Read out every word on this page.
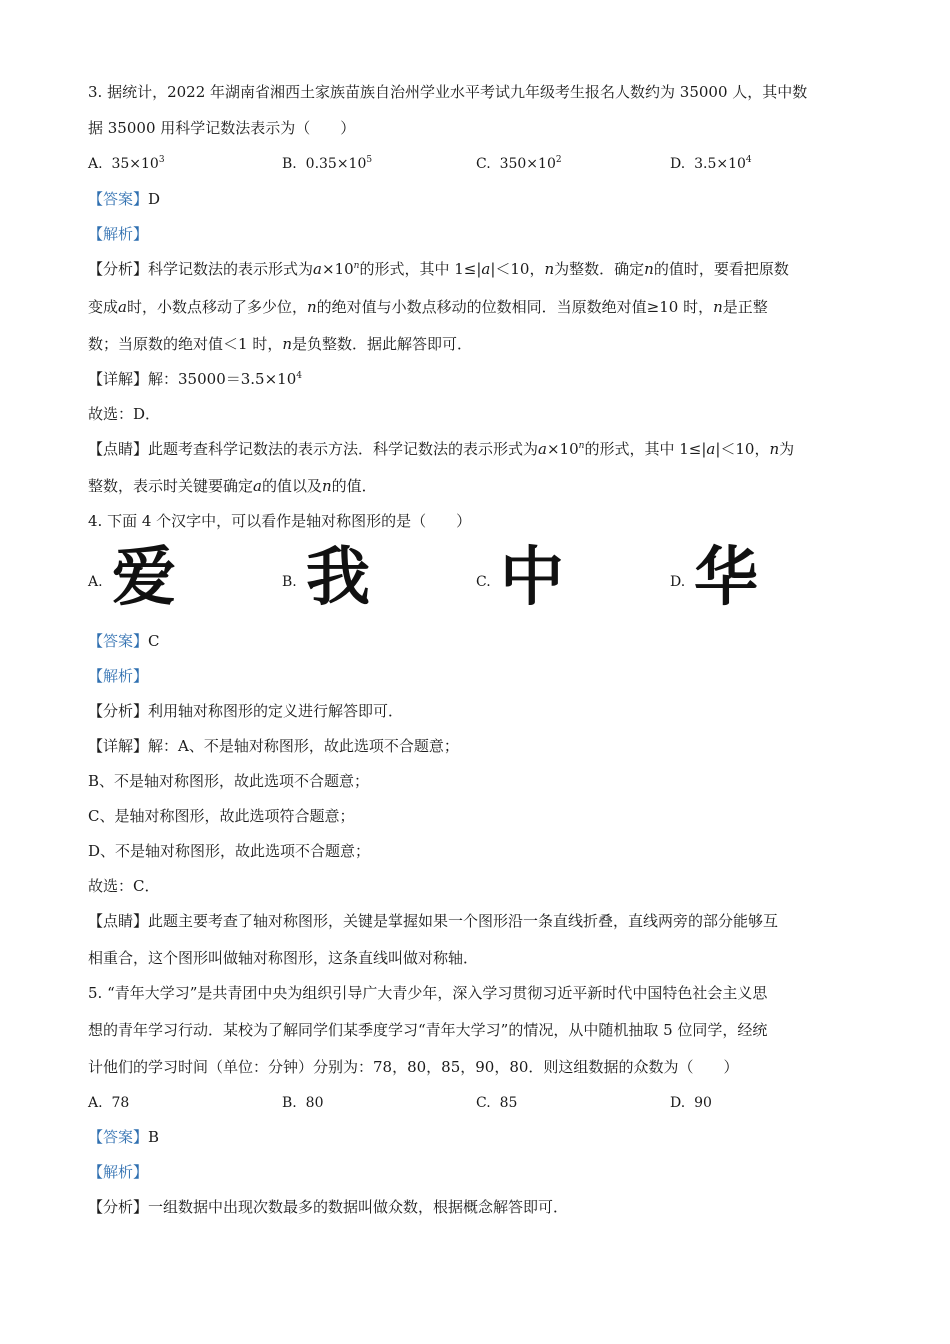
3. 据统计，2022 年湖南省湘西土家族苗族自治州学业水平考试九年级考生报名人数约为 35000 人，其中数
据 35000 用科学记数法表示为（　　）
A. $35\times 10^3$	B. $0.35\times 10^5$	C. $350\times 10^2$	D. $3.5\times 10^4$
【答案】D
【解析】
【分析】科学记数法的表示形式为$a\times 10^n$的形式，其中 1≤|a|＜10，n为整数．确定n的值时，要看把原数
变成a时，小数点移动了多少位，n的绝对值与小数点移动的位数相同．当原数绝对值≥10 时，n是正整
数；当原数的绝对值＜1 时，n是负整数．据此解答即可．
【详解】解：$35000=3.5\times 10^4$
故选：D．
【点睛】此题考查科学记数法的表示方法．科学记数法的表示形式为$a\times 10^n$的形式，其中 1≤|a|＜10，n为
整数，表示时关键要确定a的值以及n的值．
4. 下面 4 个汉字中，可以看作是轴对称图形的是（　　）
A. 爱	B. 我	C. 中	D. 华
【答案】C
【解析】
【分析】利用轴对称图形的定义进行解答即可．
【详解】解：A、不是轴对称图形，故此选项不合题意；
B、不是轴对称图形，故此选项不合题意；
C、是轴对称图形，故此选项符合题意；
D、不是轴对称图形，故此选项不合题意；
故选：C．
【点睛】此题主要考查了轴对称图形，关键是掌握如果一个图形沿一条直线折叠，直线两旁的部分能够互
相重合，这个图形叫做轴对称图形，这条直线叫做对称轴．
5. “青年大学习”是共青团中央为组织引导广大青少年，深入学习贯彻习近平新时代中国特色社会主义思
想的青年学习行动．某校为了解同学们某季度学习“青年大学习”的情况，从中随机抽取 5 位同学，经统
计他们的学习时间（单位：分钟）分别为：78，80，85，90，80．则这组数据的众数为（　　）
A. 78	B. 80	C. 85	D. 90
【答案】B
【解析】
【分析】一组数据中出现次数最多的数据叫做众数，根据概念解答即可．
